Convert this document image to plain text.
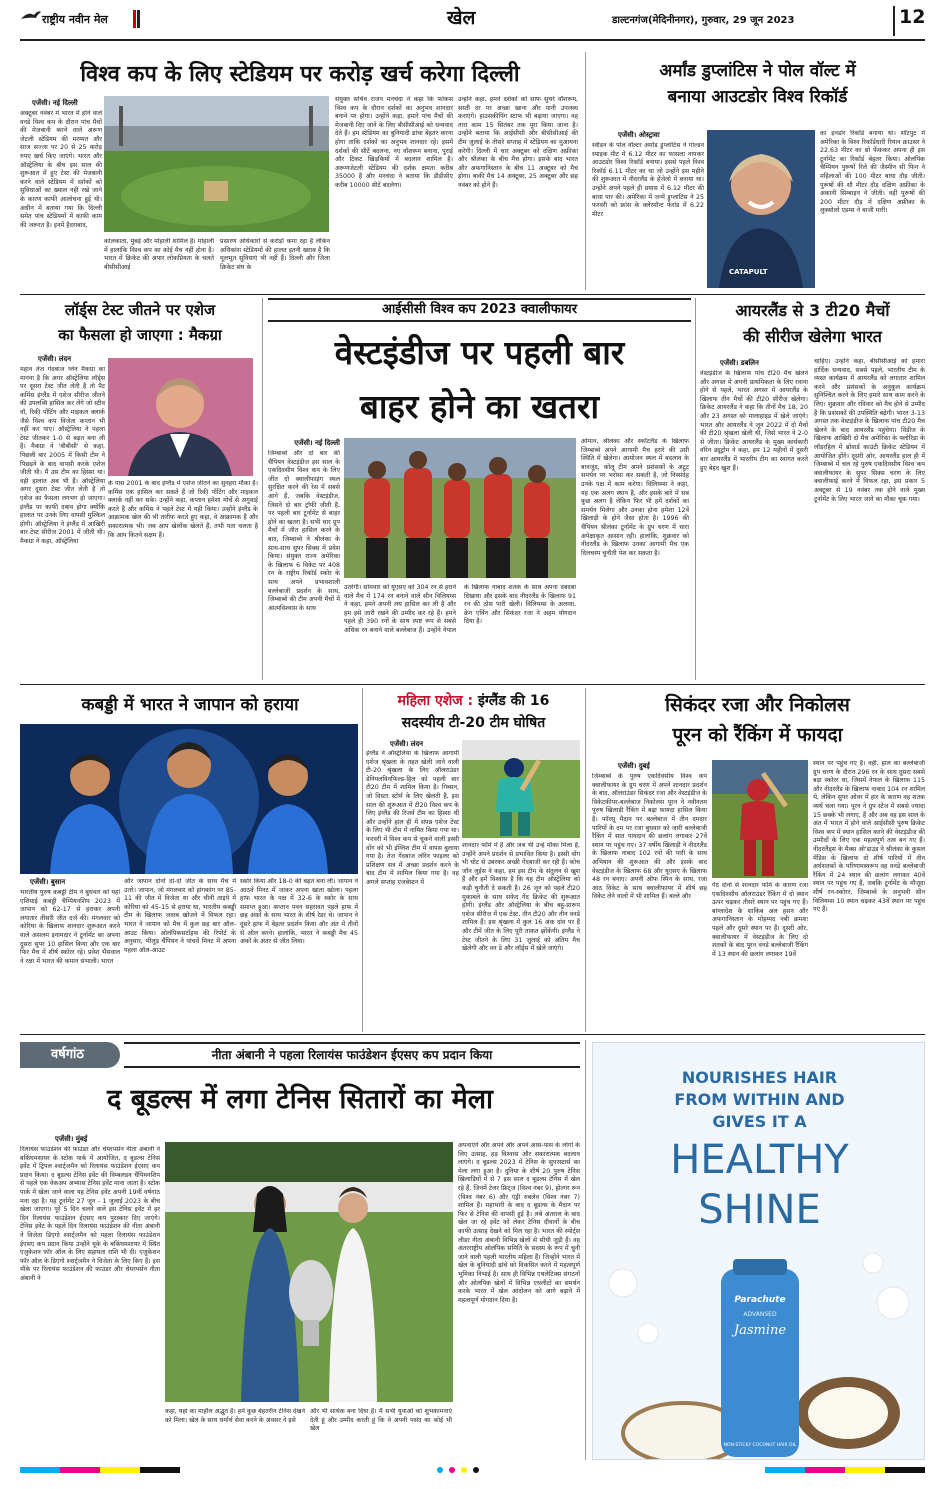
राष्ट्रीय नवीन मेल	खेल	डाल्टनगंज(मेदिनीनगर), गुरुवार, 29 जून 2023	12
विश्व कप के लिए स्टेडियम पर करोड़ खर्च करेगा दिल्ली
एजेंसी। नई दिल्ली
अक्टूबर नवंबर में भारत में होने वाले वनडे विश्व कप के दौरान पांच मैचों की मेजबानी करने वाले अरूण जेटली स्टेडियम की मरम्मत और साज सज्जा पर 20 से 25 करोड़ रुपए खर्च किए जाएंगे। भारत और ऑस्ट्रेलिया के बीच इस साल की शुरूआत में हुए टेस्ट की मेजबानी करने वाले स्टेडियम में दर्शकों को सुविधाओं का ख्याल नहीं रखे जाने के कारण काफी आलोचना हुई थी। अधीन में बताया गया कि दिल्ली समेत पांच स्टेडियमों में काफी काम की जरूरत है। इनमें हैदराबाद,
कोलकाता, मुंबई और मोहाली शामिल हैं। मोहाली में हालांकि विश्व कप का कोई मैच नहीं होना है। भारत में क्रिकेट की अपार लोकप्रियता के चलते बीसीसीआई
प्रसारण अधिकारों से करोड़ों कमा रहा है लेकिन अधिकांश स्टेडियमों की हालत इतनी खराब है कि मूलभूत सुविधाएं भी नहीं हैं। दिल्ली और जिला क्रिकेट संघ के
संयुक्त सचिव राजन मनचंदा ने कहा कि फोकस विश्व कप के दौरान दर्शकों का अनुभव शानदार बनाने पर होगा। उन्होंने कहा, हमारे पांच मैचों की मेजबानी दिए जाने के लिए बीसीसीआई को धन्यवाद देते हैं। हम स्टेडियम का बुनियादी ढांचा बेहतर करना होगा ताकि दर्शकों का अनुभव शानदार रहे। इसमें दर्शकों की सीटें बदलना, नए वॉशरूम बनाना, पुराई और टिकट खिड़कियों में बदलाव शामिल है। अरूणजेटली स्टेडियम की दर्शक क्षमता करीब 35000 है और मनचंदा ने बताया कि डीडीसीए करीब 10000 सीटें बदलेगा।
उन्होंने कहा, हमने दर्शकों को साफ सुथरे वॉशरूम, सस्ती दर पर अच्छा खाना और पानी उपलब्ध कराएंगे। हाउसकीपिंग स्टाफ भी बढ़ाया जाएगा। वह तारा काम 15 सितंबर तक पूरा किया जाना है। उन्होंने बताया कि आईसीसी और बीसीसीआई की टीम जुलाई के तीसरे सप्ताह में स्टेडियम का मुआयना करेगी। दिल्ली में चार अक्टूबर को दक्षिण अफ्रीका और श्रीलंका के बीच मैच होगा। इसके बाद भारत और अफगानिस्तान के बीच 11 अक्टूबर को मैच होगा। बाकी मैच 14 अक्टूबर, 25 अक्टूबर और छह नवंबर को होने हैं।
अर्मांड डुप्लांटिस ने पोल वॉल्ट में
बनाया आउटडोर विश्व रिकॉर्ड
एजेंसी। ओस्ट्रावा
स्वीडन के पोल वॉल्टर अर्मांड डुप्लांटिस ने गोल्डन स्पाइक मीट में 6.12 मीटर का फासला नापकर आउटडोर विश्व रिकॉर्ड बनाया। इससे पहले विश्व रिकॉर्ड 6.11 मीटर का था जो उन्होंने इस महीने की शुरूआत में नीदरलैंड के हेंजेलो में बनाया था। उन्होंने अपने पहले ही प्रयास में 6.12 मीटर की बाधा पार की। अमेरिका में जन्में डुप्लांटिस ने 25 फरवरी को फ्रांस के क्लेरमॉन्ट फेरांड में 6.22 मीटर
CATAPULT
का इनडोर रिकॉर्ड बनाया था। शॉटपुट में अमेरिका के विश्व रिकॉर्डधारी रियान क्राउसर ने 22.63 मीटर का थ्रो फेंककर अपना ही इस टूर्नामेंट का रिकॉर्ड बेहतर किया। ओलंपिक चैम्पियन पुरूषों रिले की जैस्मीन सी फिन ने महिलाओं की 100 मीटर बाधा दौड़ जीती। पुरूषों की सौ मीटर दौड़ दक्षिण अफ्रीका के अकानी सिम्बाइन ने जीती। वहीं पुरूषों की 200 मीटर दौड़ में दक्षिण अफ्रीका के लुक्सोलो एडम्स ने बाजी मारी।
लॉर्ड्स टेस्ट जीतने पर एशेज
का फैसला हो जाएगा : मैकग्रा
एजेंसी। लंदन
महान तेज गेंदबाज ग्लेन मैकग्रा का मानना है कि अगर ऑस्ट्रेलिया लॉर्ड्स पर दूसरा टेस्ट जीत लेती है तो पैट कमिंस इंग्लैंड में एशेज सीरीज जीतने की उपलब्धि हासिल कर लेंगे जो स्टीव वॉ, रिकी पोंटिंग और माइकल क्लार्क जैसे विश्व कप विजेता कप्तान भी नहीं कर पाए। ऑस्ट्रेलिया ने पहला टेस्ट जीतकर 1-0 से बढ़त बना ली है। मैकग्रा ने 'बीबीसी' से कहा, पिछली बार 2005 में किसी टीम ने पिछड़ने के बाद वापसी करके एशेज जीती थी। मैं उस टीम का हिस्सा था। वही हालात अब भी हैं। ऑस्ट्रेलिया अगर दूसरा टेस्ट जीत लेती है तो एशेज का फैसला लगभग हो जाएगा। इंग्लैंड पर काफी दबाव होगा क्योंकि हालात पर उनके लिए वापसी मुश्किल होगी। ऑस्ट्रेलिया ने इंग्लैंड में आखिरी बार टेस्ट सीरीज 2001 में जीती थी। मैकग्रा ने कहा, ऑस्ट्रेलिया
के पास 2001 के बाद इंग्लैंड में एशेज जीतने का सुनहरा मौका है। कमिंस एक हासिल कर सकते हैं जो रिकी पोंटिंग और माइकल क्लार्क नहीं कर सके। उन्होंने कहा, कप्तान हमेशा मोर्चे से अगुवाई करते हैं और कमिंस ने पहले टेस्ट में यही किया। उन्होंने इंग्लैंड के आक्रामक खेल की भी तारीफ करते हुए कहा, वे आक्रामक हैं और सकारात्मक भी। जब आप खेलोंक खेलते हैं, तभी पता चलता है कि आप कितने सक्षम हैं।
आईसीसी विश्व कप 2023 क्वालीफायर
वेस्टइंडीज पर पहली बार
बाहर होने का खतरा
एजेंसी। नई दिल्ली
जिम्बाब्वे और दो बार की चैंपियन वेस्टइंडीज इस साल के एकदिवसीय विश्व कप के लिए जीत दो क्वालीफाइंग स्थल सुरक्षित करने की रेस में सबसे आगे हैं, जबकि वेस्टइंडीज, जिसने दो बार ट्रॉफी जीती है, पर पहली बार टूर्नामेंट से बाहर होने का खतरा है। सभी चार ग्रुप मैचों में जीत हासिल करने के बाद, जिम्बाब्वे ने श्रीलंका के साथ-साथ सुपर सिक्स में प्रवेश किया। संयुक्त राज्य अमेरिका के खिलाफ 6 विकेट पर 408 रन के राष्ट्रीय रिकॉर्ड स्कोर के साथ अपने प्रभावशाली बल्लेबाजी प्रदर्शन के साथ, जिम्बाब्वे की टीम अपनी मैचों में आत्मविश्वास के साथ
उतरेगी। सोमवार को यूएसए को 304 रन से हराने वाले मैच में 174 रन बनाने वाले सीन विलियम्स ने कहा, हमने अपनी लय हासिल कर ली है और हम इसे जारी रखने की उम्मीद कर रहे हैं। हमने पहले ही 390 रनों के साथ स्पष्ट रूप से सबसे अधिक रन बनाने वाले बल्लेबाज हैं। उन्होंने नेपाल के खिलाफ नाबाद शतक के साथ अपना दबदबा दिखाया और इसके बाद नीदरलैंड के खिलाफ 91 रन की ठोस पारी खेली। विलियम्स के अलावा, क्रेग एर्विन और सिकंदर रजा ने अहम योगदान दिया है।
ओमान, श्रीलंका और स्कॉटलैंड के खिलाफ जिम्बाब्वे अपने आगामी मैच हरारे की उसी स्थिति में खेलेगा। आयोजन स्थल में बदलाव के बावजूद, कोलू टीम अपने प्रशंसकों के अटूट समर्थन पर भरोसा कर सकती है, जो निस्संदेह उनके पक्ष में काम करेगा। विलियम्स ने कहा, यह एक अलग स्थान है, और इसके बारे में सब कुछ अलग है लेकिन फिर भी हमें दर्शकों का समर्थन मिलेगा और उनका होना हमेशा 12वें खिलाड़ी के होने जैसा होता है। 1996 की चैंपियन श्रीलंका टूर्नामेंट के ग्रुप चरण में चारा अपेक्षाकृत आसान रही। हालांकि, शुक्रवार को नीदरलैंड के खिलाफ उनका आगामी मैच एक दिलचस्प चुनौती पेश कर सकता है।
आयरलैंड से 3 टी20 मैचों
की सीरीज खेलेगा भारत
एजेंसी। डबलिन
वेस्टइंडीज के खिलाफ पांच टी20 मैच खेलने और अगस्त में अपनी प्राथमिकता के लिए रवाना होने से पहले, भारत अगस्त में आयरलैंड के खिलाफ तीन मैचों की टी20 सीरीज खेलेगा। क्रिकेट आयरलैंड ने कहा कि तीनों मैच 18, 20 और 23 अगस्त को मालाहाइड में खेले जाएंगे। भारत और आयरलैंड ने जून 2022 में दो मैचों की टी20 श्रृंखला खेली थी, जिसे भारत ने 2-0 से जीता। क्रिकेट आयरलैंड के मुख्य कार्यकारी वॉरेन ड्यूट्रोम ने कहा, हम 12 महीनों में दूसरी बार आयरलैंड में भारतीय टीम का स्वागत करते हुए बेहद खुश हैं।
चाहिए। उन्होंने कहा, बीसीसीआई को हमारा हार्दिक धन्यवाद, सबसे पहले, भारतीय टीम के व्यस्त कार्यक्रम में आयरलैंड को लगातार शामिल करने और प्रशंसकों के अनुकूल कार्यक्रम सुनिश्चित करने के लिए हमारे साथ काम करने के लिए। शुक्रवार और रविवार को मैच होने से उम्मीद है कि प्रशंसकों की उपस्थिति बढ़ेगी। भारत 3-13 अगस्त तक वेस्टइंडीज के खिलाफ पांच टी20 मैच खेलने के बाद आयरलैंड पहुंचेगा। विंडीज के खिलाफ आखिरी दो मैच अमेरिका के फ्लोरिडा के लॉडरहिल में ब्रोवार्ड काउंटी क्रिकेट स्टेडियम में आयोजित होंगे। दूसरी ओर, आयरलैंड हाल ही में जिम्बाब्वे में चल रहे पुरुष एकदिवसीय विश्व कप क्वालीफायर के सुपर सिक्स चरण के लिए क्वालीफाई करने में विफल रहा, इस प्रकार 5 अक्टूबर से 19 नवंबर तक होने वाले मुख्य टूर्नामेंट के लिए भारत जाने का मौका चूक गया।
कबड्डी में भारत ने जापान को हराया
एजेंसी। बुसान
भारतीय पुरुष कबड्डी टीम ने बुधवार को यहां एशियाई कबड्डी चैम्पियनशिप 2023 में जापान को 62-17 से हराकर अपनी लगातार तीसरी जीत दर्ज की। मंगलवार को कोरिया के खिलाफ शानदार शुरूआत करने वाले असलम इनामदार ने टूर्नामेंट का अपना दूसरा सुपर 10 हासिल किया और एक बार फिर मैच में शीर्ष स्कोरर रहे। प्रवेश भैंसवाल ने रक्षा में भारत की कमान संभाली। भारत
और जापान दोनों दो-दो जीत के साथ मैच में उतरे। जापान, जो मंगलवार को हांगकांग पर 85-11 की जीत में विजेता था और चीनी ताइपे में कोरिया को 45-15 से हराया था, भारतीय कबड्डी टीम के खिलाफ जवाब खोजने में विफल रहा। भारत ने जापान को मैच में कुल छह बार ऑल-आउट किया। ओलंपिकसर्टाइफ की रिपोर्ट के अनुसार, भीलुड़ चैंपियन ने पांचवें मिनट में अपना पहला ऑल-आउट
स्कोर किया और 18-0 की बढ़त बना ली। जापान ने आठवें मिनट में जाकर अपना खाता खोला। पहला हाफ भारत के पक्ष में 32-6 के स्कोर के साथ समाप्त हुआ। कप्तान पवन सहरावत पहले हाफ में छह अंकों के साथ भारत के शीर्ष रेडर थे। जापान ने दूसरे हाफ में बेहतर प्रदर्शन किया और अंत में तीनों से ऑल करने। हालांकि, भारत ने कबड्डी मैच 45 अंकों के अंतर से जीत लिया।
महिला एशेज : इंग्लैंड की 16
सदस्यीय टी-20 टीम घोषित
एजेंसी। लंदन
इंग्लैंड ने ऑस्ट्रेलिया के खिलाफ आगामी एशेज श्रृंखला के तहत खेली जाने वाली टी-20 श्रृंखला के लिए ऑलराउंडर डेनियलविनफिल्ड-हिल को पहली बार टी20 टीम में शामिल किया है। गिब्सन, जो विस्टर स्टोर्म के लिए खेलती हैं, इस साल की शुरूआत में टी20 विश्व कप के लिए इंग्लैंड की रिजर्व टीम का हिस्सा थीं और उन्होंने हाल ही में संपन्न एशेज टेस्ट के लिए भी टीम में नामित किया गया था। फरवरी में विश्व कप से चूकने वाली इस्सी वोंग को भी इंग्लिश टीम में वापस बुलाया गया है। तेज गेंदबाज लॉरेन फाइलर को प्रशिक्षण सत्र में अच्छा प्रदर्शन करने के बाद टीम में शामिल किया गया है। वह अगले सप्ताह एजबेस्टन में
शानदार फॉर्म में हैं और जब भी उन्हें मौका मिला है, उन्होंने अपने प्रदर्शन से प्रभावित किया है। इस्सी वोंग भी चोट से उबरकर अच्छी गेंदबाजी कर रही हैं। कोच जॉन लुईस ने कहा, हम इस टीम के संतुलन से खुश हैं और हमें विश्वास है कि यह टीम ऑस्ट्रेलिया को कड़ी चुनौती दे सकती है। 26 जून को पहले टी20 मुकाबले के साथ सफेद गेंद क्रिकेट की शुरूआत होगी। इंग्लैंड और ऑस्ट्रेलिया के बीच बहु-प्रारूप एशेज सीरीज में एक टेस्ट, तीन टी20 और तीन वनडे शामिल हैं। इस श्रृंखला में कुल 16 अंक दांव पर हैं और टीमें जीत के लिए पूरी ताकत झोंकेंगी। इंग्लैंड ने टेस्ट जीतने के लिए 31 जुलाई को अंतिम मैच खेलेगी और वन डे और लॉर्ड्स में खेले जाएंगे।
सिकंदर रजा और निकोलस
पूरन को रैंकिंग में फायदा
एजेंसी। दुबई
जिम्बाब्वे के पुरुष एकदिवसीय विश्व कप क्वालीफायर के ग्रुप चरण में अपने शानदार प्रदर्शन के बाद, ऑलराउंडर सिकंदर रजा और वेस्टइंडीज के विकेटकीपर-बल्लेबाज निकोलस पूरन ने नवीनतम पुरुष खिलाड़ी रैंकिंग में बढ़ा फायदा हासिल किया है। फॉरसू मैदान पर बल्लेबाज में तीन दमदार पारियों के दम पर रजा बुधवार को जारी बल्लेबाजी रैंकिंग में सात पायदान की छलांग लगाकर 27वें स्थान पर पहुंच गए। 37 वर्षीय खिलाड़ी ने नीदरलैंड के खिलाफ नाबाद 102 रनों की पारी के साथ अभियान की शुरूआत की और इसके बाद वेस्टइंडीज के खिलाफ 68 और यूएसए के खिलाफ 48 रन बनाए। अपनी ऑफ स्पिन के साथ, रजा आठ विकेट के साथ क्वालीफायर में शीर्ष छह विकेट लेने वालों में भी शामिल हैं। बल्ले और
गेंद दोनों से शानदार फॉर्म के कारण रजा एकदिवसीय ऑलराउंडर रैंकिंग में दो स्थान ऊपर चढ़कर तीसरे स्थान पर पहुंच गए हैं। बांग्लादेश के शाकिब अल हसन और अफगानिस्तान के मोहम्मद नबी क्रमशः पहले और दूसरे स्थान पर हैं। दूसरी ओर, क्वालीफायर में वेस्टइंडीज के लिए दो शतकों के बाद पूरन वनडे बल्लेबाजी रैंकिंग में 13 स्थान की छलांग लगाकर 19वें
स्थान पर पहुंच गए हैं। वहीं, हाल का बल्लेबाजी ग्रुप चरण के दौरान 296 रन के साथ दूसरा सबसे बड़ा स्कोरर था, जिसमें नेपाल के खिलाफ 115 और नीदरलैंड के खिलाफ नाबाद 104 रन शामिल थे, लेकिन सुपर ओवर में हार के कारण वह शतक व्यर्थ चला गया। पूरन ने ग्रुप स्टेज में सबसे ज्यादा 15 छक्के भी लगाए, हैं और अब वह इस साल के अंत में भारत में होने वाले आईसीसी पुरुष क्रिकेट विश्व कप में स्थान हासिल करने की वेस्टइंडीज की उम्मीदों के लिए एक महत्वपूर्ण तत्व बन गए हैं। नीदरलैंड्स के मैक्स ओ'डाउड ने श्रीलंका के कुसल मेंडिस के खिलाफ दो शीर्ष पारियों में तीन अर्धशतकों के परिणामस्वरूप वह वनडे बल्लेबाजी रैंकिंग में 24 स्थान की छलांग लगाकर 40वें स्थान पर पहुंच गए हैं, जबकि टूर्नामेंट के मौजूदा शीर्ष रन-स्कोरर, जिम्बाब्वे के अनुभवी सीन विलियम्स 10 स्थान चढ़कर 43वें स्थान पर पहुंच गए हैं।
वर्षगांठ	नीता अंबानी ने पहला रिलायंस फाउंडेशन ईएसए कप प्रदान किया
द बूडल्स में लगा टेनिस सितारों का मेला
एजेंसी। मुंबई
रिलायंस फाउंडेशन की फाउंडर और चेयरपर्सन नीता अंबानी ने बकिंघमशायर के स्टोक पार्क में आयोजित, द बूडल्स टेनिस इवेंट में ट्रिपल श्वार्ट्जमैन को रिलायंस फाउंडेशन ईएसए कप प्रदान किया। द बूडल्स टेनिस इवेंट की विम्बलडन चैंपियनशिप से पहले एक वेकअप अभ्यास टेनिस इवेंट माना जाता है। स्टोक पार्क में खेला जाने वाला यह टेनिस इवेंट अपनी 19वीं वर्षगांठ मना रहा है। यह टूर्नामेंट 27 जून - 1 जुलाई 2023 के बीच खेला जाएगा। पूरे 5 दिन चलने वाले इस टेनिस इवेंट में हर दिन रिलायंस फाउंडेशन ईएसए कप पुरस्कार दिए जाएंगे। टेनिस इवेंट के पहले दिन रिलायंस फाउंडेशन की नीता अंबानी ने विजेता डिएगो श्वार्ट्जमैन को पहला रिलायंस फाउंडेशन ईएसए कप प्रदान किया उन्होंने यूके के बकिंघमशायर में स्थित एजुकेशन फॉर ऑल के लिए सहायता राशि भी दी। एजुकेशन फॉर ऑल के डिएगो श्वार्ट्जमैन ने विजेता के लिए किए हैं। इस मौके पर रिलायंस फाउंडेशन की फाउंडर और चेयरपर्सन नीता अंबानी ने
कहा, यहां का माहौल अद्भुत है। हमें कुछ बेहतरीन टेनिस देखने को मिला। खेल के साथ धर्मार्थ सेवा करने के अवसर ने इसे
और भी सार्थक बना दिया है। मैं सभी युवाओं को शुभकामनाएं देती हूं और उम्मीद करती हूं कि वे अपनी पसंद का कोई भी खेल
अपनाएंगे और अपने और अपने आस-पास के लोगों के लिए उत्साह, हड़ विश्वास और सकारात्मक बदलाव लाएंगे। द बूडल्स 2023 में टेनिस के सुपरस्टार्स का मेला लगा हुआ है। दुनिया के शीर्ष 20 पुरुष टेनिस खिलाड़ियों में से 7 इस साल द बूडल्स टेनिस में खेल रहे हैं, जिनमें टेलर फ्रिट्ज (विश्व नंबर 9), होल्गर रून (विश्व नंबर 6) और एंड्री रुबलेव (विश्व नंबर 7) शामिल हैं। महाभारी के बाद द बूडल्स के मैदान पर फिर से टेनिस की वापसी हुई है। लंबे अंतराल के बाद खेल जा रहे इवेंट को लेकर टेनिस दीवानों के बीच काफी उत्साह देखने को मिल रहा है। भारत की स्पोर्ट्स लीडर नीता अंबानी विभिन्न खेलों से सीधी जुड़ी हैं। वह अंतरराष्ट्रीय ओलंपिक समिति के सदस्य के रूप में चुनी जाने वाली पहली भारतीय महिला हैं। जिन्होंने भारत में खेल के बुनियादी ढांचे को विकसित करने में महत्वपूर्ण भूमिका निभाई है। साथ ही विभिन्न एथलेटिक्स संगठनों और ओलंपिक खेलों में विभिन्न एथलीटों का समर्थन करके भारत में खेल आंदोलन को आगे बढ़ाने में महत्वपूर्ण योगदान दिया है।
NOURISHES HAIR
FROM WITHIN AND
GIVES IT A
HEALTHY
SHINE
Parachute
ADVANSED
Jasmine
NON-STICKY COCONUT HAIR OIL
